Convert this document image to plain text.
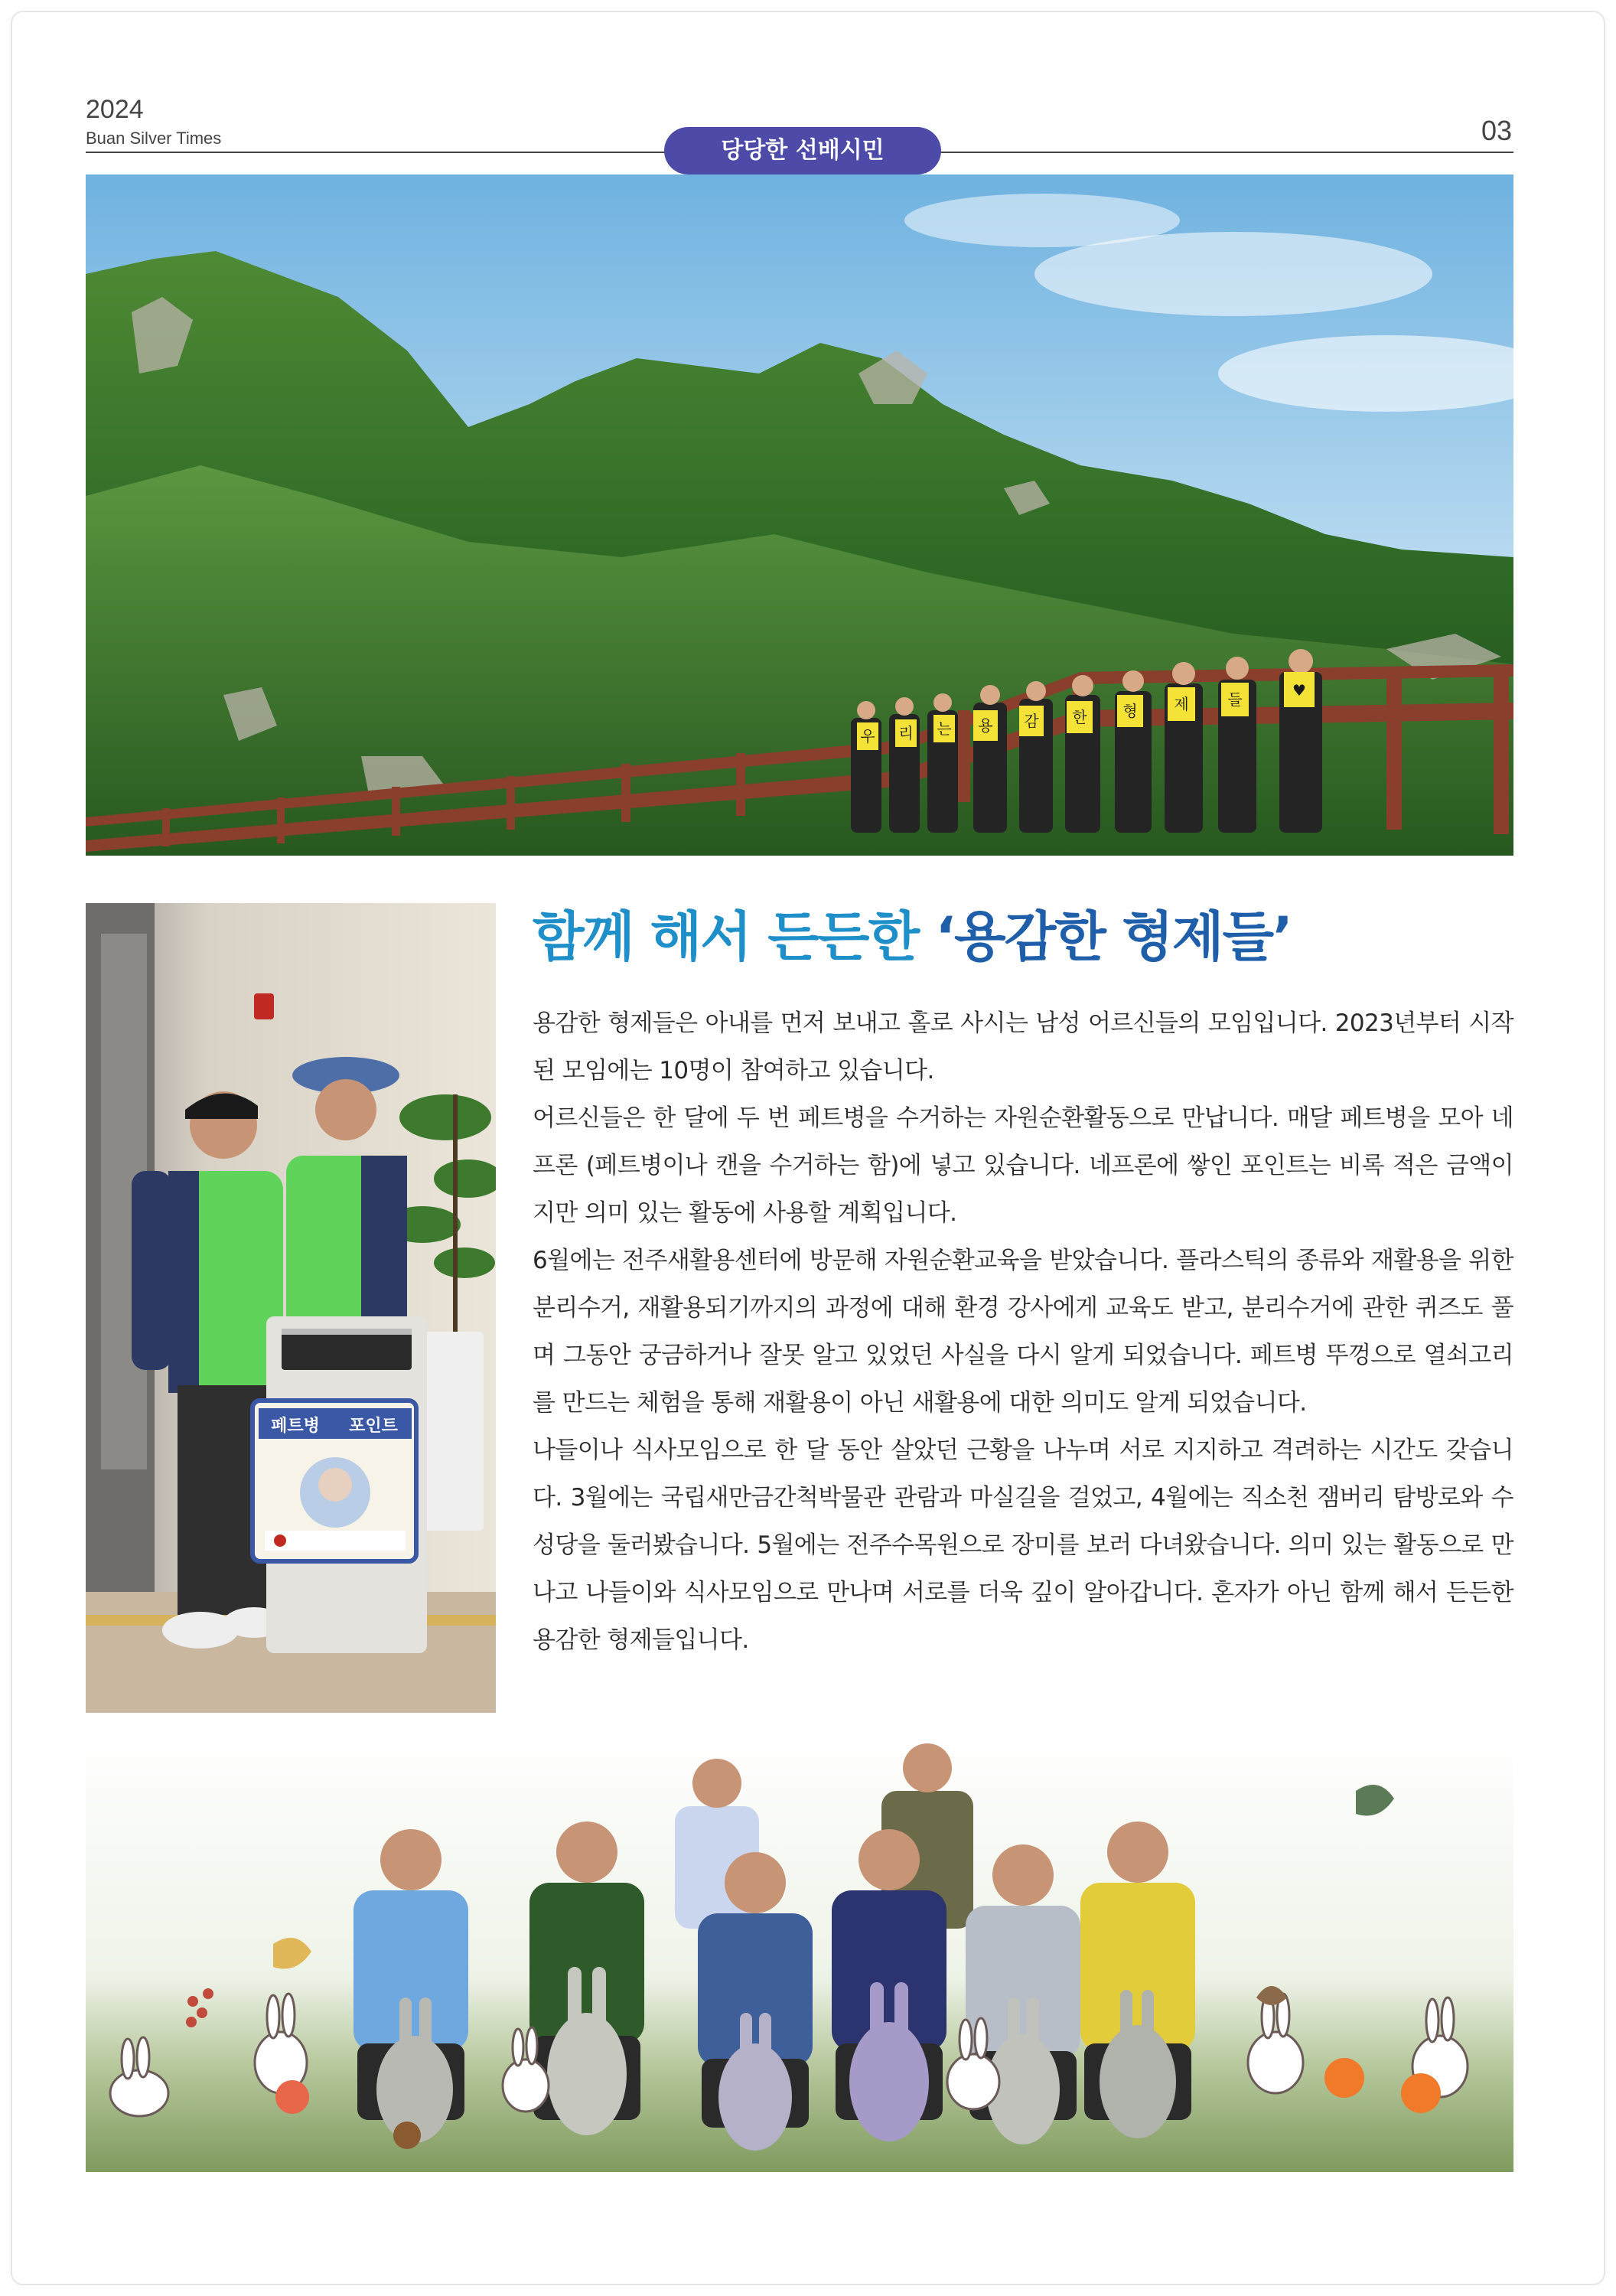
2024
Buan Silver Times	03
당당한 선배시민
우 리 는 용 감 한 형 제	들	♥
페트병 포인트
함께 해서 든든한 ‘용감한 형제들’

용감한 형제들은 아내를 먼저 보내고 홀로 사시는 남성 어르신들의 모임입니다. 2023년부터 시작된 모임에는 10명이 참여하고 있습니다.

어르신들은 한 달에 두 번 페트병을 수거하는 자원순환활동으로 만납니다. 매달 페트병을 모아 네프론 (페트병이나 캔을 수거하는 함)에 넣고 있습니다. 네프론에 쌓인 포인트는 비록 적은 금액이지만 의미 있는 활동에 사용할 계획입니다.

6월에는 전주새활용센터에 방문해 자원순환교육을 받았습니다. 플라스틱의 종류와 재활용을 위한 분리수거, 재활용되기까지의 과정에 대해 환경 강사에게 교육도 받고, 분리수거에 관한 퀴즈도 풀며 그동안 궁금하거나 잘못 알고 있었던 사실을 다시 알게 되었습니다. 페트병 뚜껑으로 열쇠고리를 만드는 체험을 통해 재활용이 아닌 새활용에 대한 의미도 알게 되었습니다.

나들이나 식사모임으로 한 달 동안 살았던 근황을 나누며 서로 지지하고 격려하는 시간도 갖습니다. 3월에는 국립새만금간척박물관 관람과 마실길을 걸었고, 4월에는 직소천 잼버리 탐방로와 수성당을 둘러봤습니다. 5월에는 전주수목원으로 장미를 보러 다녀왔습니다. 의미 있는 활동으로 만나고 나들이와 식사모임으로 만나며 서로를 더욱 깊이 알아갑니다. 혼자가 아닌 함께 해서 든든한 용감한 형제들입니다.
